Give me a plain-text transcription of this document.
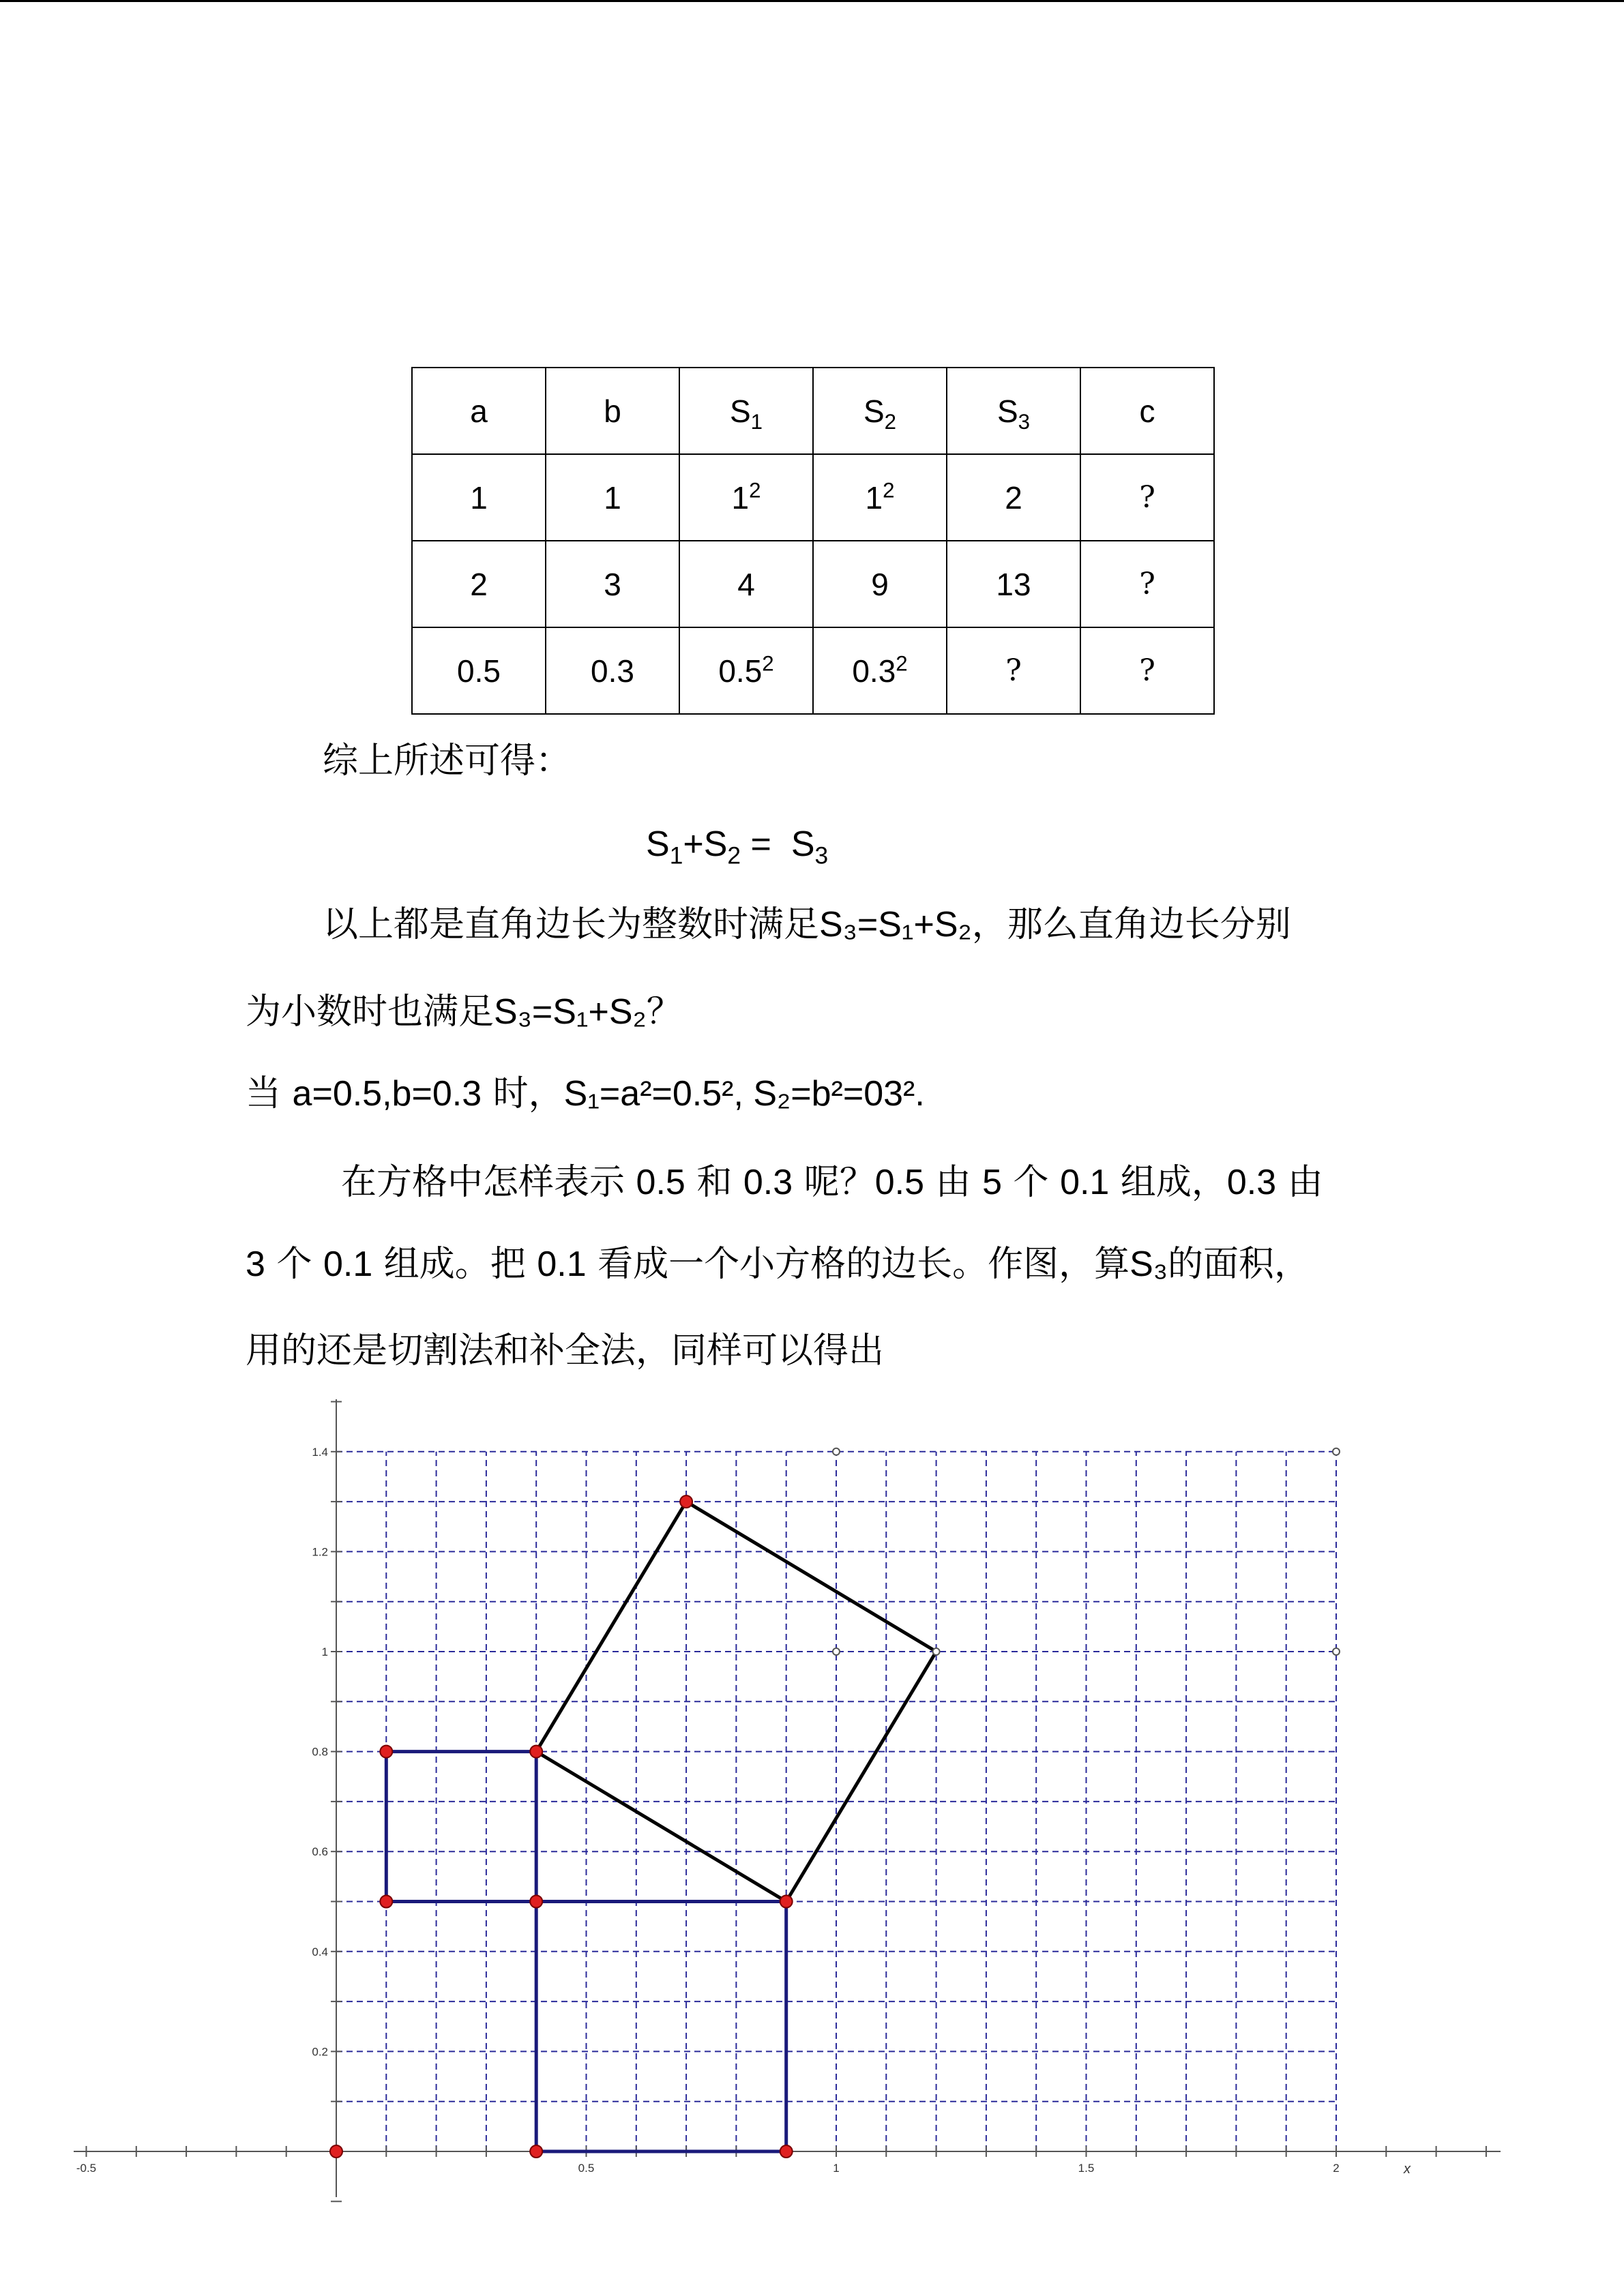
a	b	$S_1$	$S_2$	$S_3$	c
1	1	$1^2$	$1^2$	2	?
2	3	4	9	13	?
0.5	0.3	$0.5^2$	$0.3^2$	?	?
综上所述可得：
$S_1+S_2 = S_3$
以上都是直角边长为整数时满足S₃=S₁+S₂，那么直角边长分别
为小数时也满足S₃=S₁+S₂？
当 a=0.5,b=0.3 时，S₁=a²=0.5², S₂=b²=03².
在方格中怎样表示 0.5 和 0.3 呢？0.5 由 5 个 0.1 组成，0.3 由
3 个 0.1 组成。把 0.1 看成一个小方格的边长。作图，算S₃的面积，
用的还是切割法和补全法，同样可以得出
-0.5	0.5	1	1.5	2
0.2
0.4
0.6
0.8
1
1.2
1.4
x
